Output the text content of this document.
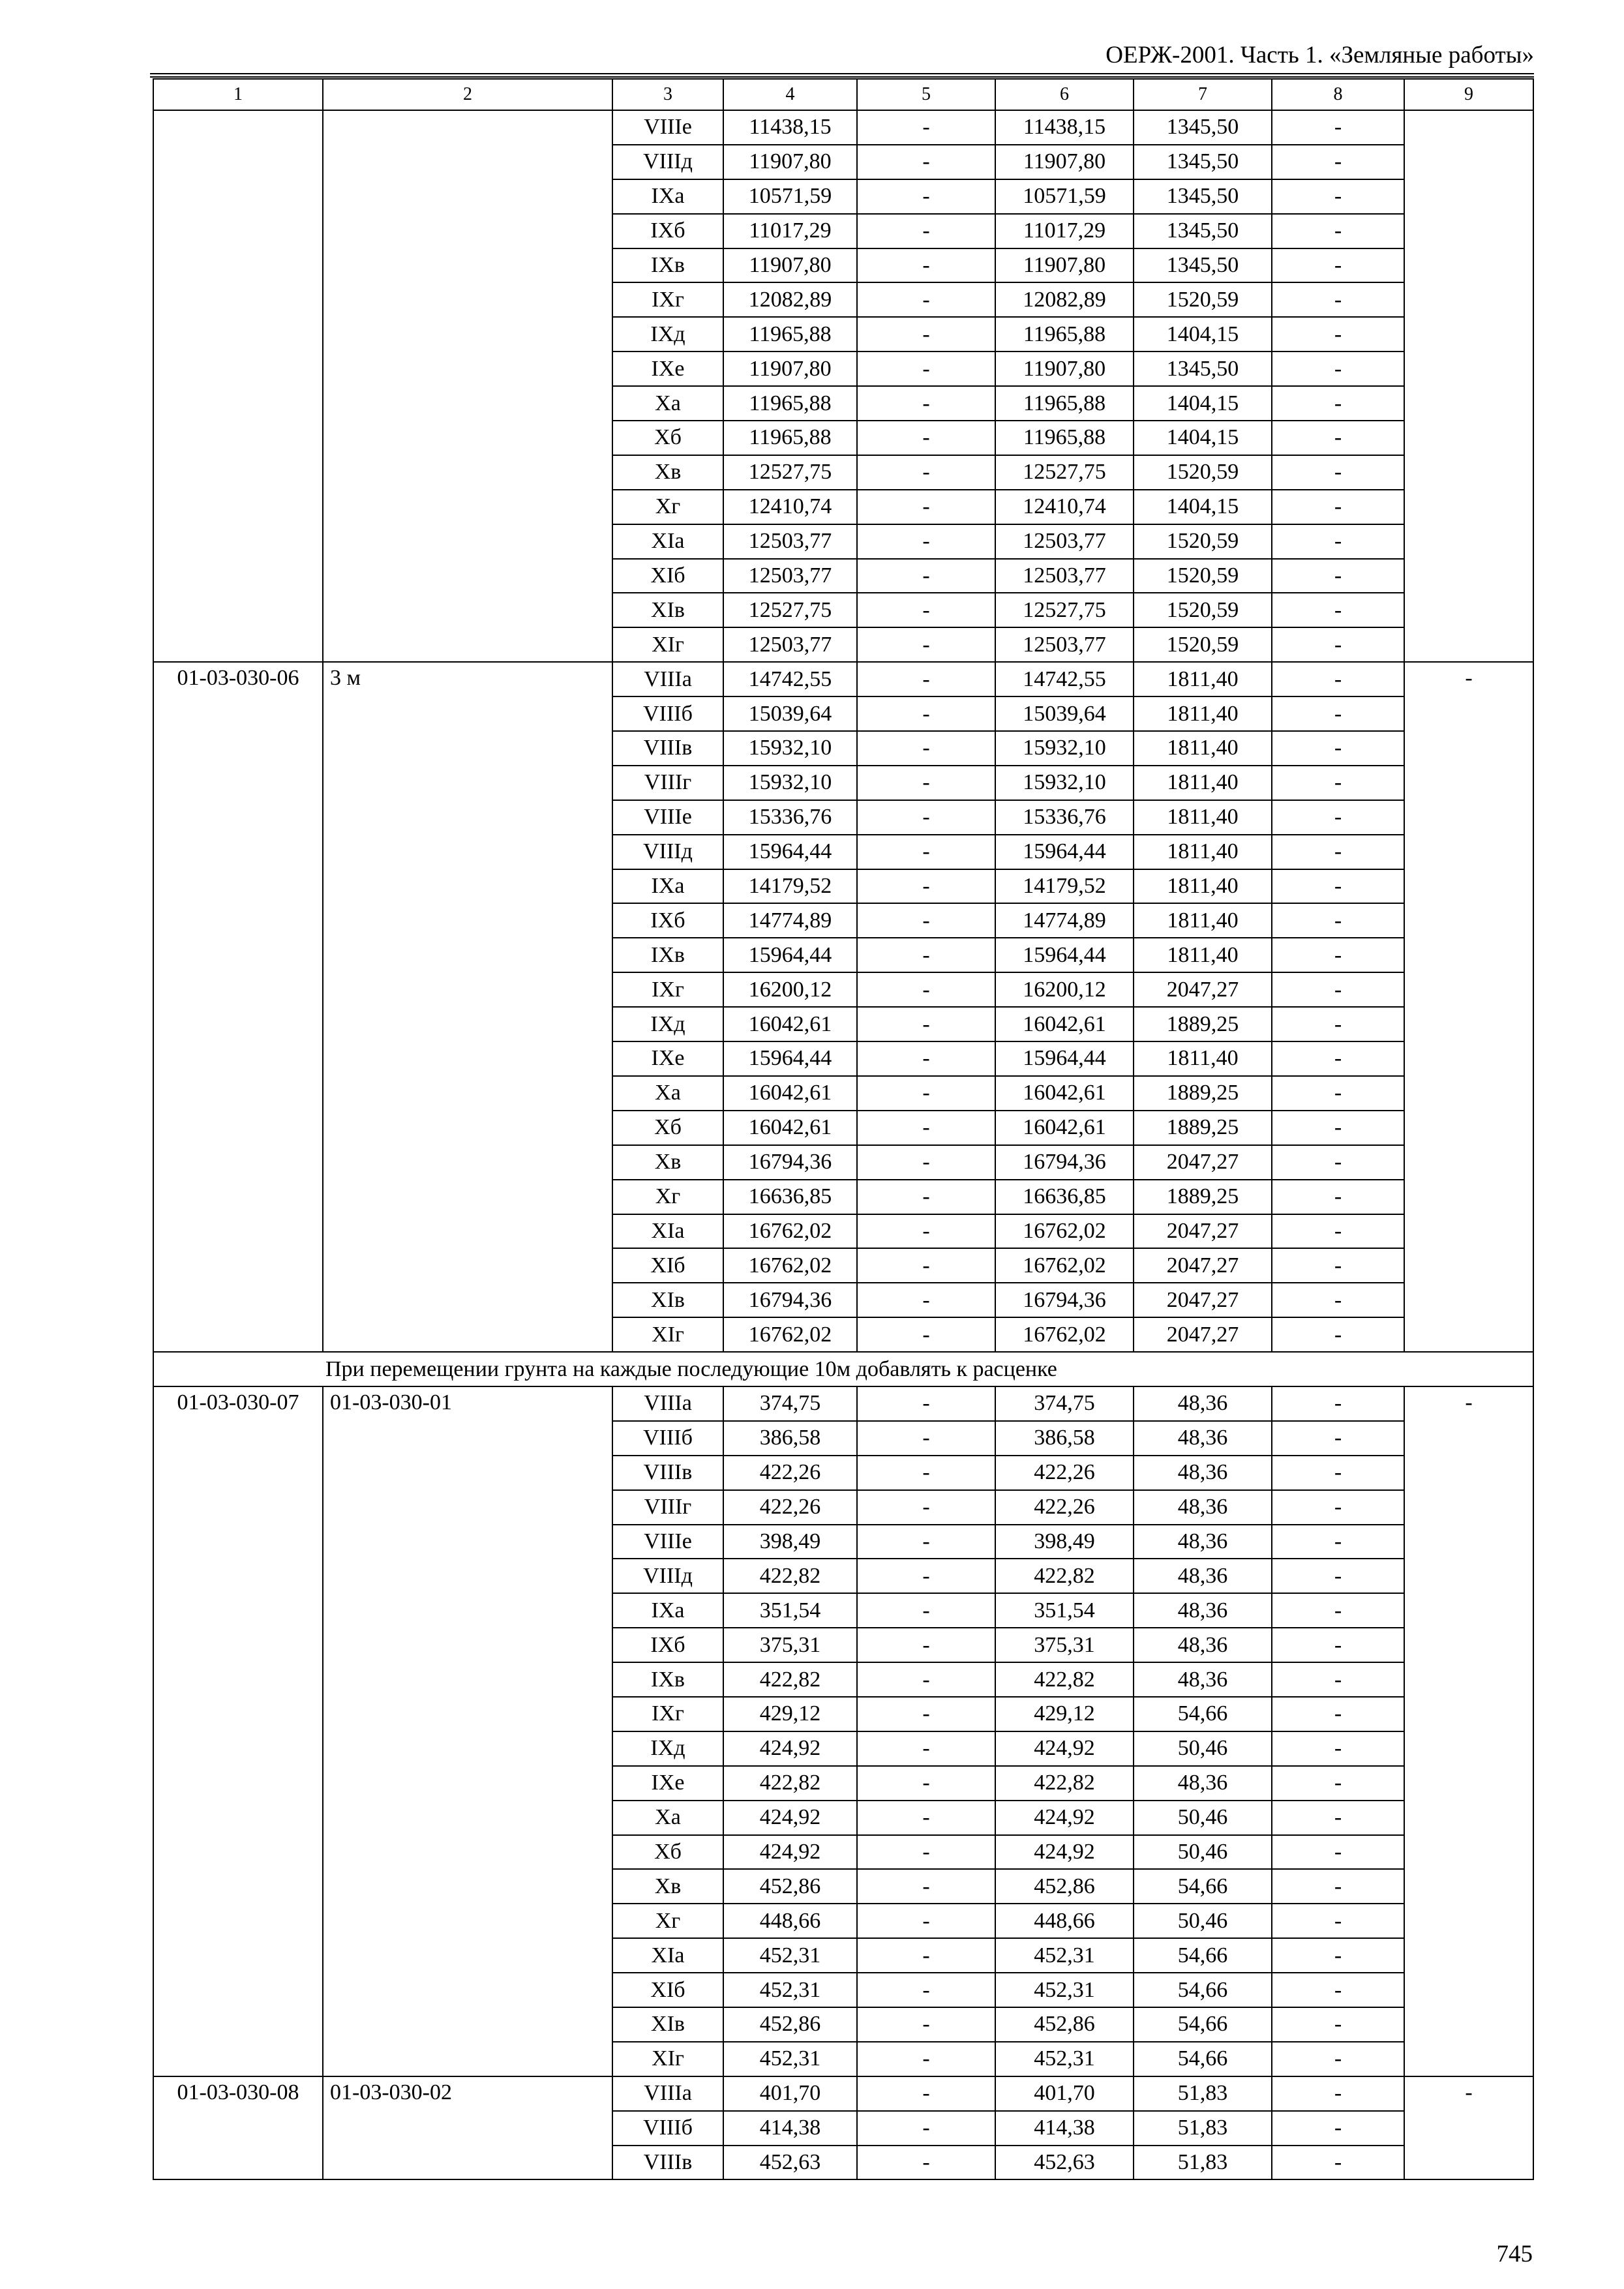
ОЕРЖ-2001. Часть 1. «Земляные работы»
1	2	3	4	5	6	7	8	9
		VIIIе	11438,15	-	11438,15	1345,50	-	
		VIIIд	11907,80	-	11907,80	1345,50	-	
		IXа	10571,59	-	10571,59	1345,50	-	
		IXб	11017,29	-	11017,29	1345,50	-	
		IXв	11907,80	-	11907,80	1345,50	-	
		IXг	12082,89	-	12082,89	1520,59	-	
		IXд	11965,88	-	11965,88	1404,15	-	
		IXе	11907,80	-	11907,80	1345,50	-	
		Xа	11965,88	-	11965,88	1404,15	-	
		Xб	11965,88	-	11965,88	1404,15	-	
		Xв	12527,75	-	12527,75	1520,59	-	
		Xг	12410,74	-	12410,74	1404,15	-	
		XIа	12503,77	-	12503,77	1520,59	-	
		XIб	12503,77	-	12503,77	1520,59	-	
		XIв	12527,75	-	12527,75	1520,59	-	
		XIг	12503,77	-	12503,77	1520,59	-	
01-03-030-06	3 м	VIIIа	14742,55	-	14742,55	1811,40	-	-
		VIIIб	15039,64	-	15039,64	1811,40	-	
		VIIIв	15932,10	-	15932,10	1811,40	-	
		VIIIг	15932,10	-	15932,10	1811,40	-	
		VIIIе	15336,76	-	15336,76	1811,40	-	
		VIIIд	15964,44	-	15964,44	1811,40	-	
		IXа	14179,52	-	14179,52	1811,40	-	
		IXб	14774,89	-	14774,89	1811,40	-	
		IXв	15964,44	-	15964,44	1811,40	-	
		IXг	16200,12	-	16200,12	2047,27	-	
		IXд	16042,61	-	16042,61	1889,25	-	
		IXе	15964,44	-	15964,44	1811,40	-	
		Xа	16042,61	-	16042,61	1889,25	-	
		Xб	16042,61	-	16042,61	1889,25	-	
		Xв	16794,36	-	16794,36	2047,27	-	
		Xг	16636,85	-	16636,85	1889,25	-	
		XIа	16762,02	-	16762,02	2047,27	-	
		XIб	16762,02	-	16762,02	2047,27	-	
		XIв	16794,36	-	16794,36	2047,27	-	
		XIг	16762,02	-	16762,02	2047,27	-	
При перемещении грунта на каждые последующие 10м добавлять к расценке								
01-03-030-07	01-03-030-01	VIIIа	374,75	-	374,75	48,36	-	-
		VIIIб	386,58	-	386,58	48,36	-	
		VIIIв	422,26	-	422,26	48,36	-	
		VIIIг	422,26	-	422,26	48,36	-	
		VIIIе	398,49	-	398,49	48,36	-	
		VIIIд	422,82	-	422,82	48,36	-	
		IXа	351,54	-	351,54	48,36	-	
		IXб	375,31	-	375,31	48,36	-	
		IXв	422,82	-	422,82	48,36	-	
		IXг	429,12	-	429,12	54,66	-	
		IXд	424,92	-	424,92	50,46	-	
		IXе	422,82	-	422,82	48,36	-	
		Xа	424,92	-	424,92	50,46	-	
		Xб	424,92	-	424,92	50,46	-	
		Xв	452,86	-	452,86	54,66	-	
		Xг	448,66	-	448,66	50,46	-	
		XIа	452,31	-	452,31	54,66	-	
		XIб	452,31	-	452,31	54,66	-	
		XIв	452,86	-	452,86	54,66	-	
		XIг	452,31	-	452,31	54,66	-	
01-03-030-08	01-03-030-02	VIIIа	401,70	-	401,70	51,83	-	-
		VIIIб	414,38	-	414,38	51,83	-	
		VIIIв	452,63	-	452,63	51,83	-	
745
